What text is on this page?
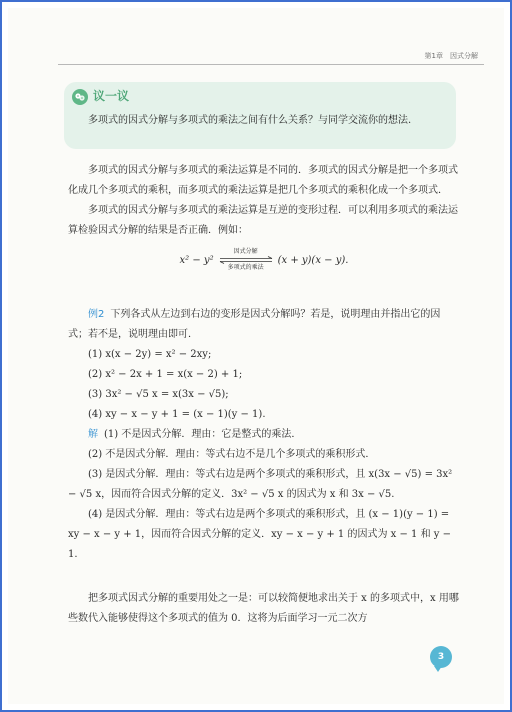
第1章　因式分解
议一议
多项式的因式分解与多项式的乘法之间有什么关系？与同学交流你的想法.

多项式的因式分解与多项式的乘法运算是不同的．多项式的因式分解是把一个多项式化成几个多项式的乘积，而多项式的乘法运算是把几个多项式的乘积化成一个多项式．

多项式的因式分解与多项式的乘法运算是互逆的变形过程．可以利用多项式的乘法运算检验因式分解的结果是否正确．例如：

x² − y²
因式分解
多项式的乘法
(x + y)(x − y).

例2 下列各式从左边到右边的变形是因式分解吗？若是，说明理由并指出它的因式；若不是，说明理由即可．

(1) x(x − 2y) = x² − 2xy;

(2) x² − 2x + 1 = x(x − 2) + 1;

(3) 3x² − √5 x = x(3x − √5);

(4) xy − x − y + 1 = (x − 1)(y − 1).

解 (1) 不是因式分解．理由：它是整式的乘法．

(2) 不是因式分解．理由：等式右边不是几个多项式的乘积形式．

(3) 是因式分解．理由：等式右边是两个多项式的乘积形式，且 x(3x − √5) = 3x² − √5 x，因而符合因式分解的定义．3x² − √5 x 的因式为 x 和 3x − √5.

(4) 是因式分解．理由：等式右边是两个多项式的乘积形式，且 (x − 1)(y − 1) = xy − x − y + 1，因而符合因式分解的定义．xy − x − y + 1 的因式为 x − 1 和 y − 1.

把多项式因式分解的重要用处之一是：可以较简便地求出关于 x 的多项式中，x 用哪些数代入能够使得这个多项式的值为 0．这将为后面学习一元二次方

3
